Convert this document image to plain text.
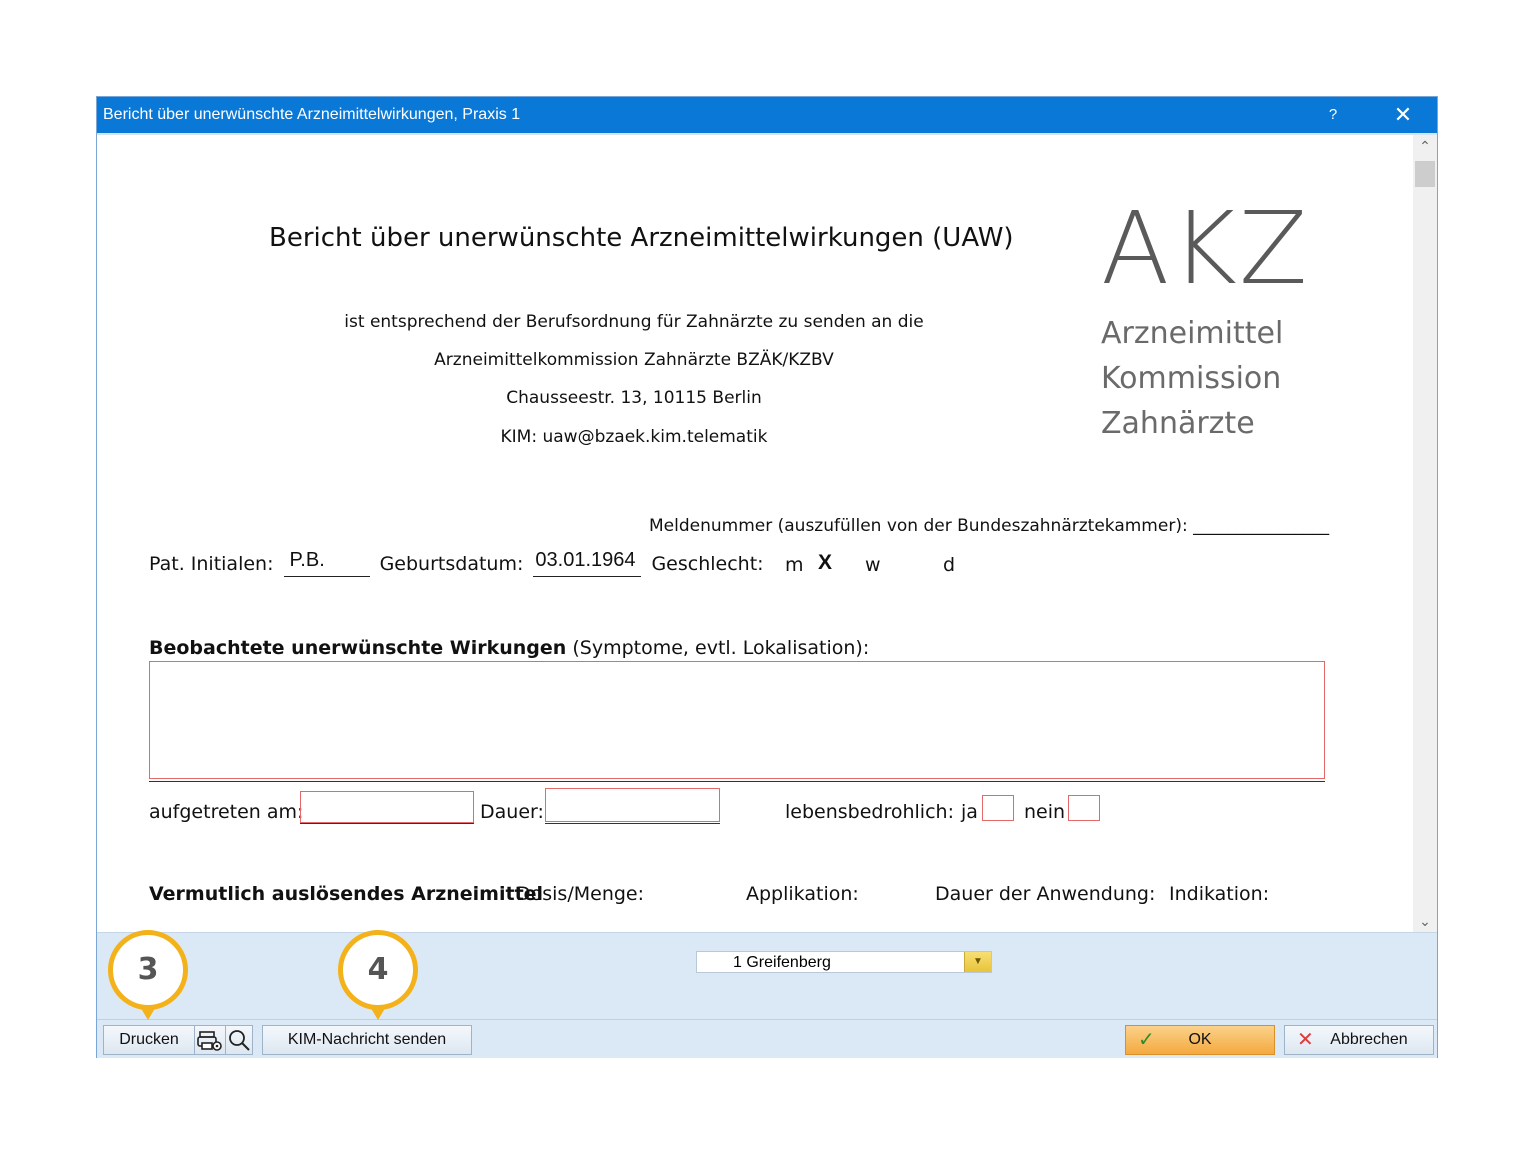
Bericht über unerwünschte Arzneimittelwirkungen, Praxis 1	?	✕
Bericht über unerwünschte Arzneimittelwirkungen (UAW)
ist entsprechend der Berufsordnung für Zahnärzte zu senden an die
Arzneimittelkommission Zahnärzte BZÄK/KZBV
Chausseestr. 13, 10115 Berlin
KIM: uaw@bzaek.kim.telematik
AKZ
Arzneimittel
Kommission
Zahnärzte
Meldenummer (auszufüllen von der Bundeszahnärztekammer): ________________
Pat. Initialen: P.B.	Geburtsdatum: 03.01.1964 Geschlecht: m X w	d
Beobachtete unerwünschte Wirkungen (Symptome, evtl. Lokalisation):
aufgetreten am:	Dauer:	lebensbedrohlich: ja nein
Vermutlich auslösendes Arzneimittel
Dosis/Menge:	Applikation:	Dauer der Anwendung: Indikation:
⌃
⌄
1 Greifenberg	▼
Drucken	KIM-Nachricht senden	✓ OK	✕ Abbrechen
3	4
